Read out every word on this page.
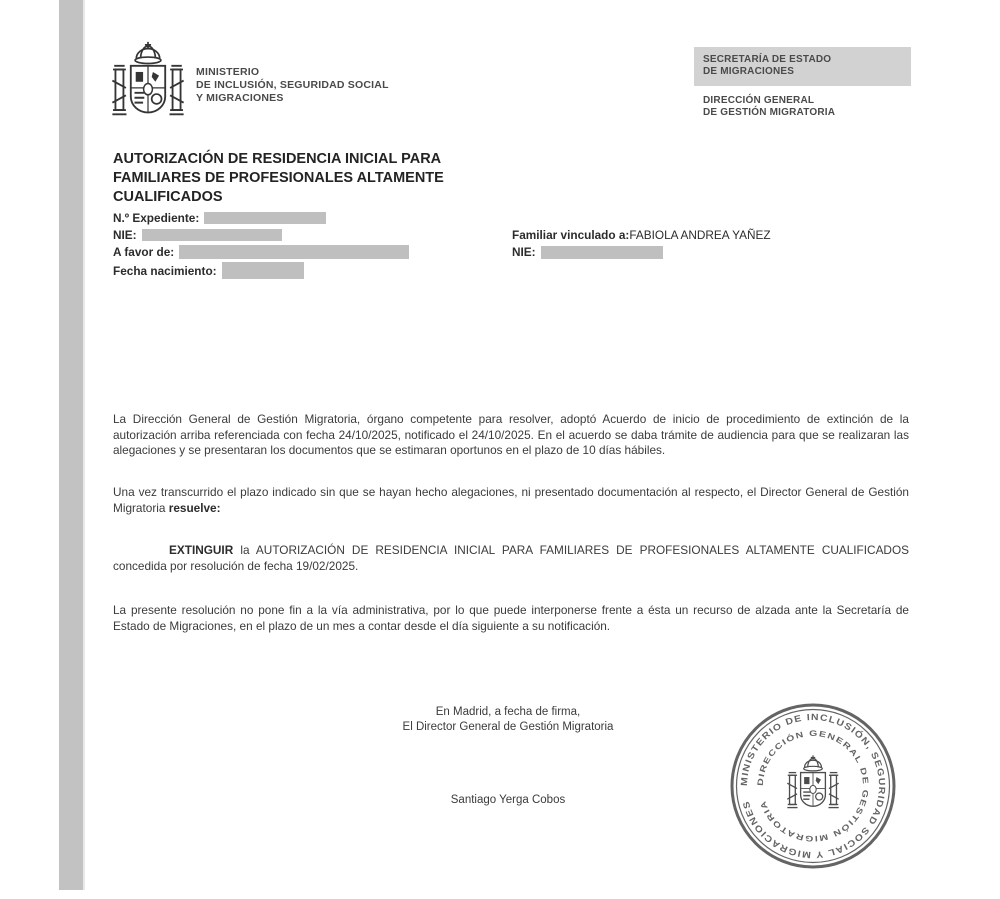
MINISTERIO
DE INCLUSIÓN, SEGURIDAD SOCIAL
Y MIGRACIONES
SECRETARÍA DE ESTADO
DE MIGRACIONES
DIRECCIÓN GENERAL
DE GESTIÓN MIGRATORIA
AUTORIZACIÓN DE RESIDENCIA INICIAL PARA
FAMILIARES DE PROFESIONALES ALTAMENTE
CUALIFICADOS
N.º Expediente:
NIE:
A favor de:
Fecha nacimiento:
Familiar vinculado a: FABIOLA ANDREA YAÑEZ
NIE:
La Dirección General de Gestión Migratoria, órgano competente para resolver, adoptó Acuerdo de inicio de procedimiento de extinción de la autorización arriba referenciada con fecha 24/10/2025, notificado el 24/10/2025. En el acuerdo se daba trámite de audiencia para que se realizaran las alegaciones y se presentaran los documentos que se estimaran oportunos en el plazo de 10 días hábiles.
Una vez transcurrido el plazo indicado sin que se hayan hecho alegaciones, ni presentado documentación al respecto, el Director General de Gestión Migratoria resuelve:
EXTINGUIR la AUTORIZACIÓN DE RESIDENCIA INICIAL PARA FAMILIARES DE PROFESIONALES ALTAMENTE CUALIFICADOS concedida por resolución de fecha 19/02/2025.
La presente resolución no pone fin a la vía administrativa, por lo que puede interponerse frente a ésta un recurso de alzada ante la Secretaría de Estado de Migraciones, en el plazo de un mes a contar desde el día siguiente a su notificación.
En Madrid, a fecha de firma,
El Director General de Gestión Migratoria
Santiago Yerga Cobos
MINISTERIO DE INCLUSIÓN, SEGURIDAD SOCIAL Y MIGRACIONES
DIRECCIÓN GENERAL DE GESTIÓN MIGRATORIA
